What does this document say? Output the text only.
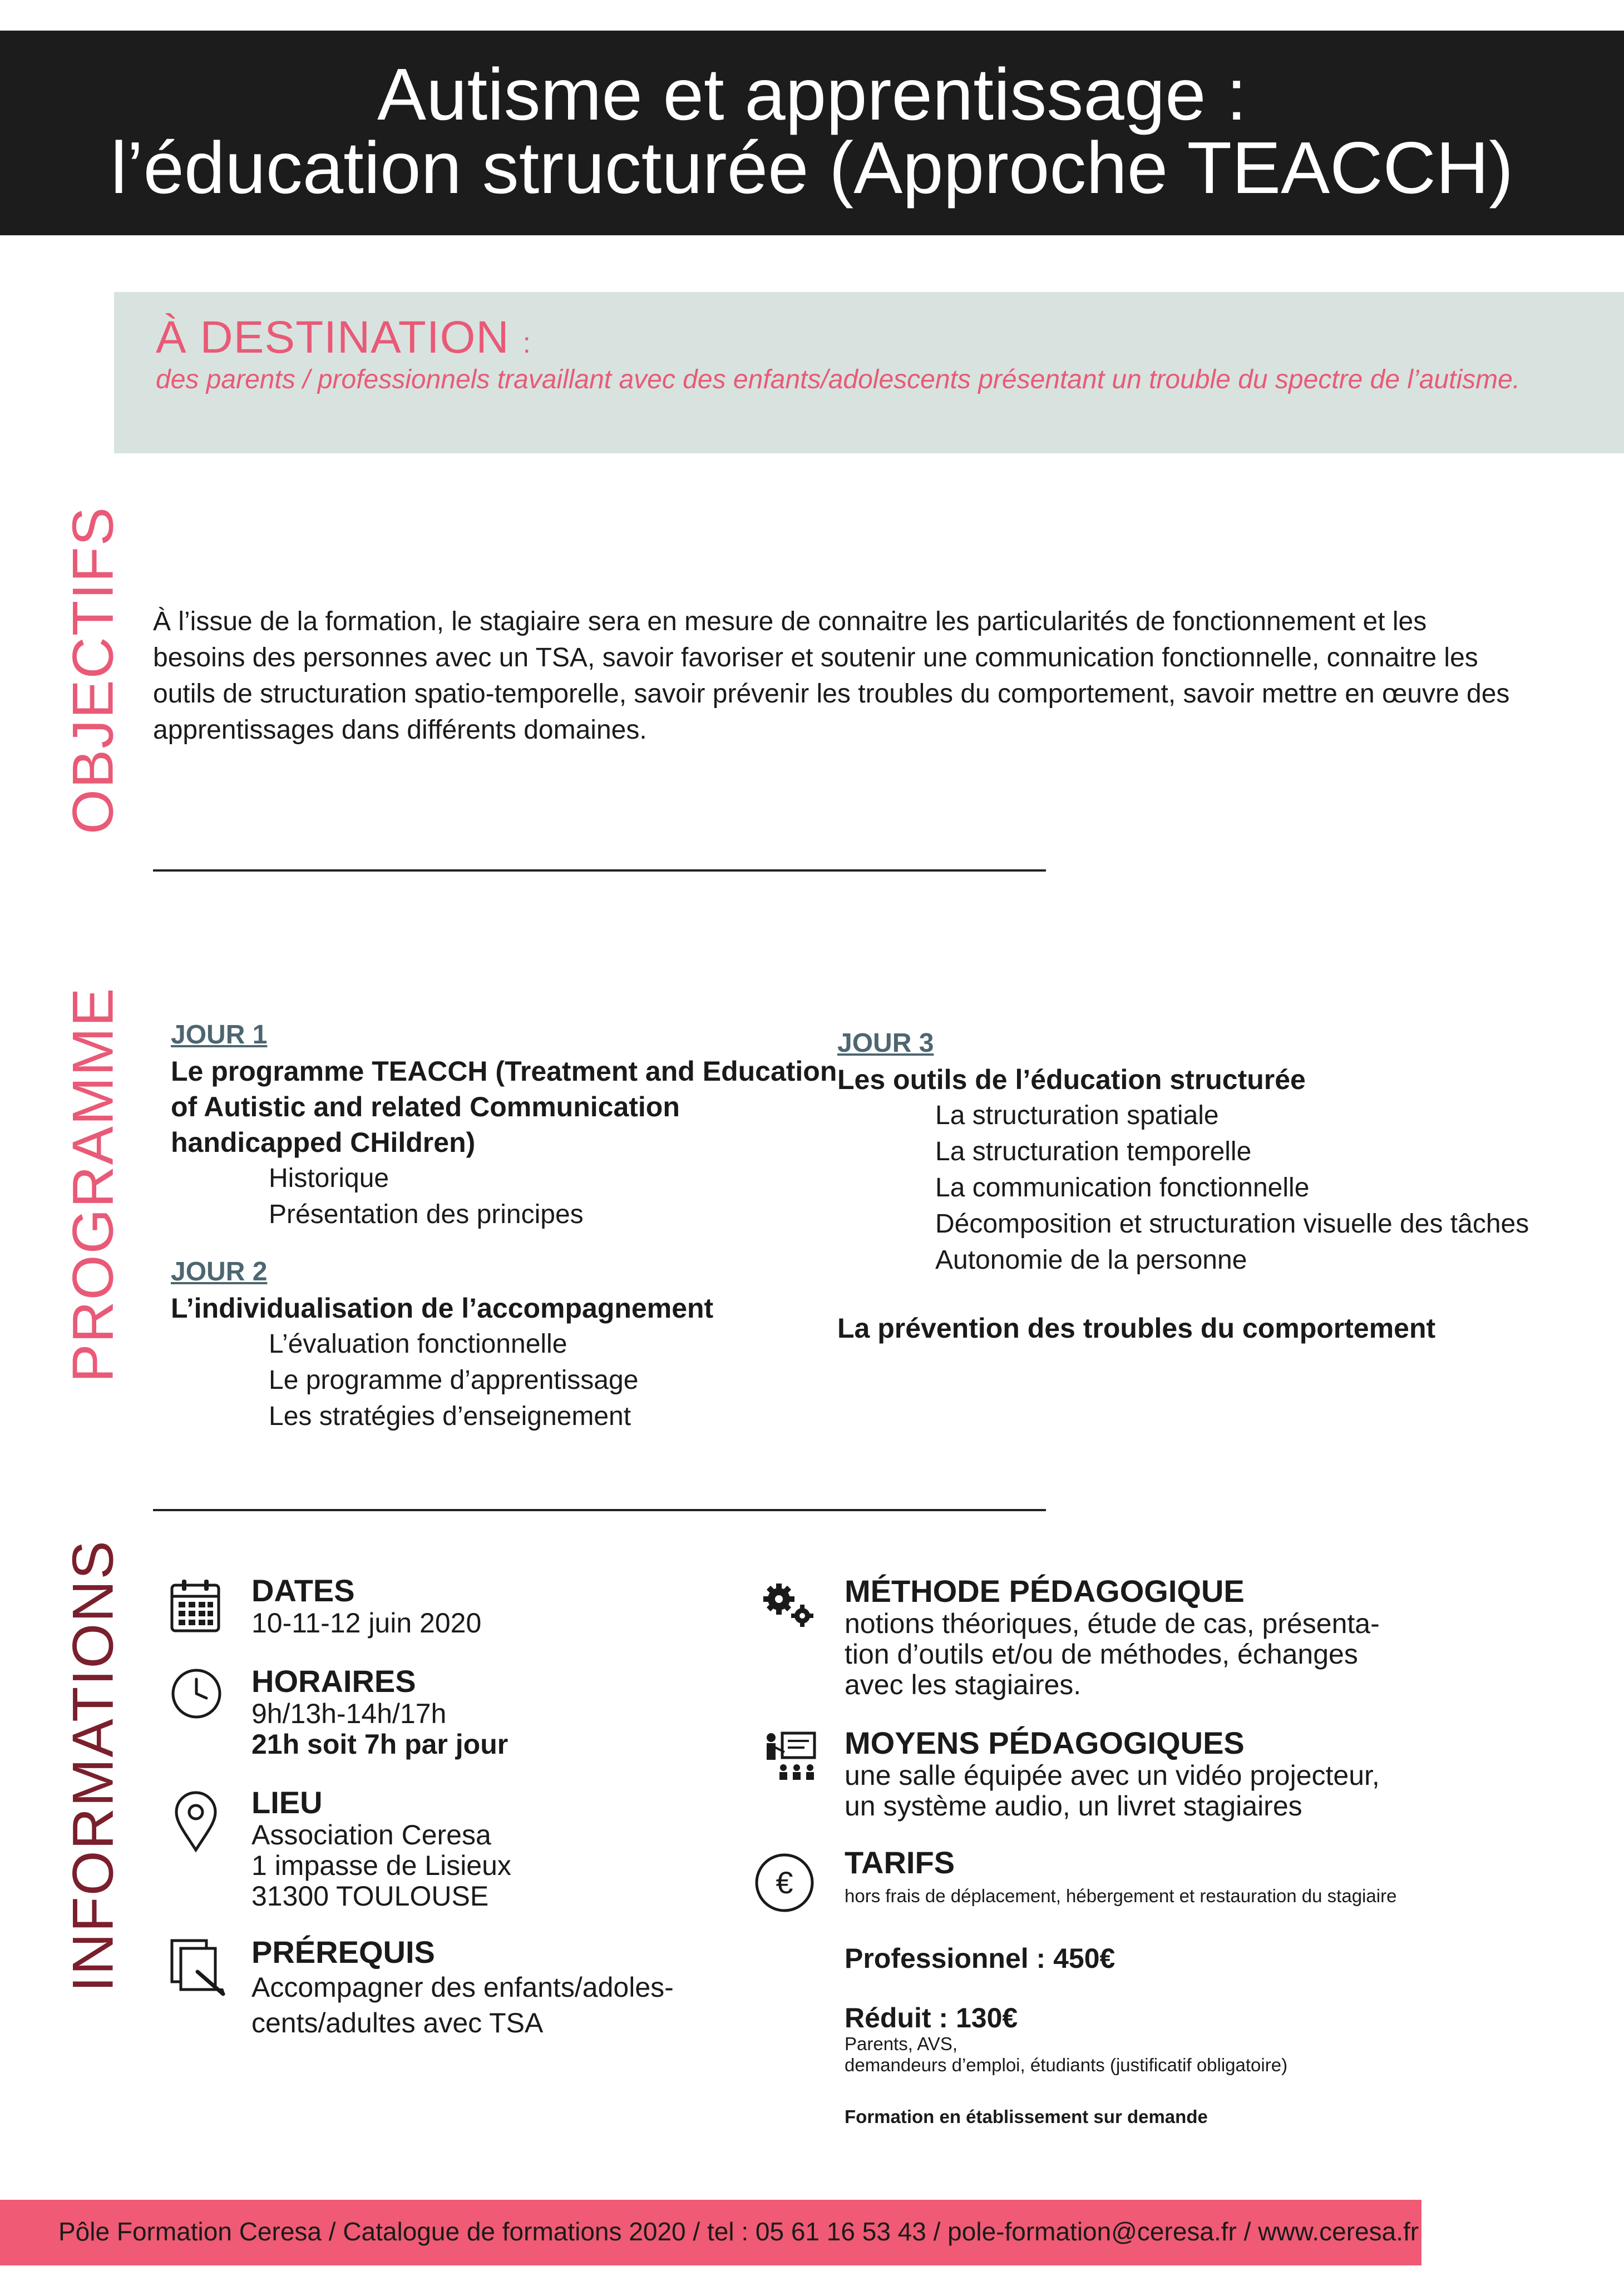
Autisme et apprentissage :
l’éducation structurée (Approche TEACCH)
À DESTINATION :
des parents / professionnels travaillant avec des enfants/adolescents présentant un trouble du spectre de l’autisme.
OBJECTIFS
PROGRAMME
INFORMATIONS
À l’issue de la formation, le stagiaire sera en mesure de connaitre les particularités de fonctionnement et les besoins des personnes avec un TSA, savoir favoriser et soutenir une communication fonctionnelle, connaitre les outils de structuration spatio-temporelle, savoir prévenir les troubles du comportement, savoir mettre en œuvre des apprentissages dans différents domaines.
JOUR 1
Le programme TEACCH (Treatment and Education of Autistic and related Communication handicapped CHildren)
Historique
Présentation des principes
JOUR 2
L’individualisation de l’accompagnement
L’évaluation fonctionnelle
Le programme d’apprentissage
Les stratégies d’enseignement
JOUR 3
Les outils de l’éducation structurée
La structuration spatiale
La structuration temporelle
La communication fonctionnelle
Décomposition et structuration visuelle des tâches
Autonomie de la personne
La prévention des troubles du comportement
DATES
10-11-12 juin 2020
HORAIRES
9h/13h-14h/17h
21h soit 7h par jour
LIEU
Association Ceresa
1 impasse de Lisieux
31300 TOULOUSE
PRÉREQUIS
Accompagner des enfants/adoles-
cents/adultes avec TSA
MÉTHODE PÉDAGOGIQUE
notions théoriques, étude de cas, présenta-
tion d’outils et/ou de méthodes, échanges
avec les stagiaires.
MOYENS PÉDAGOGIQUES
une salle équipée avec un vidéo projecteur,
un système audio, un livret stagiaires
€
TARIFS
hors frais de déplacement, hébergement et restauration du stagiaire
Professionnel : 450€
Réduit : 130€
Parents, AVS,
demandeurs d’emploi, étudiants (justificatif obligatoire)
Formation en établissement sur demande
Pôle Formation Ceresa / Catalogue de formations 2020 / tel : 05 61 16 53 43 / pole-formation@ceresa.fr / www.ceresa.fr
